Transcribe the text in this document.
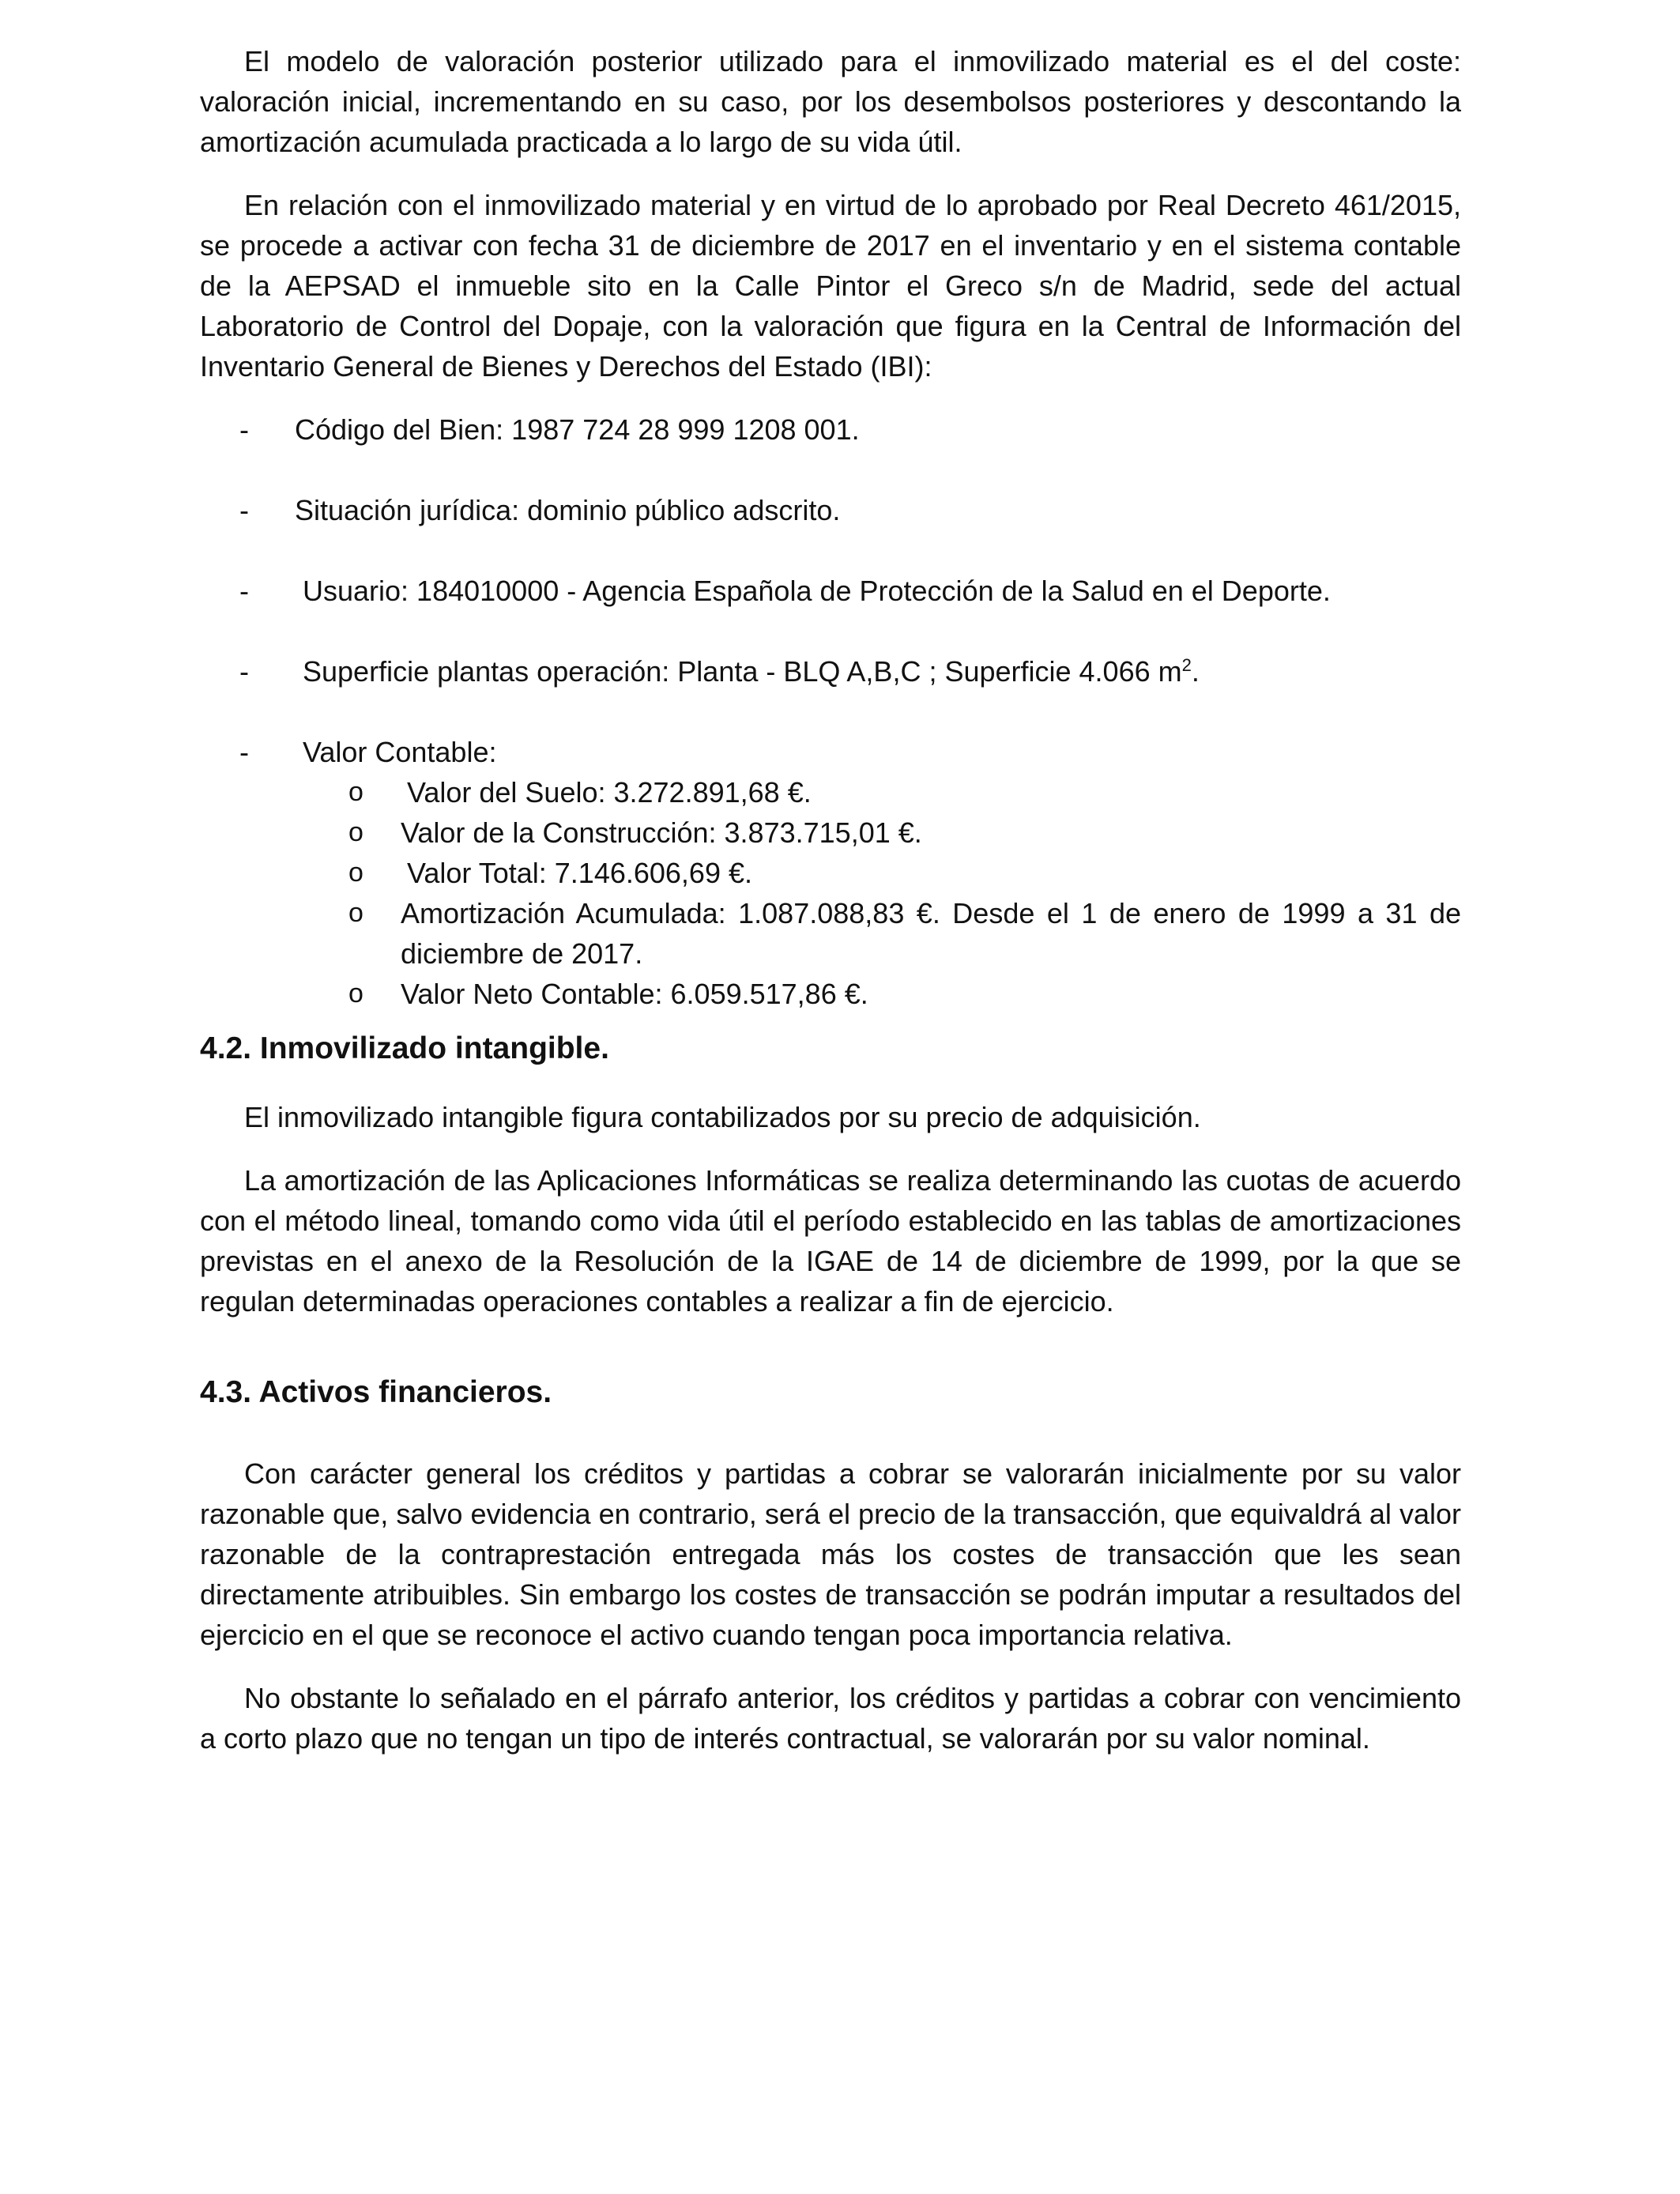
El modelo de valoración posterior utilizado para el inmovilizado material es el del coste: valoración inicial, incrementando en su caso, por los desembolsos posteriores y descontando la amortización acumulada practicada a lo largo de su vida útil.

En relación con el inmovilizado material y en virtud de lo aprobado por Real Decreto 461/2015, se procede a activar con fecha 31 de diciembre de 2017 en el inventario y en el sistema contable de la AEPSAD el inmueble sito en la Calle Pintor el Greco s/n de Madrid, sede del actual Laboratorio de Control del Dopaje, con la valoración que figura en la Central de Información del Inventario General de Bienes y Derechos del Estado (IBI):

- Código del Bien: 1987 724 28 999 1208 001.
- Situación jurídica: dominio público adscrito.
- Usuario: 184010000 - Agencia Española de Protección de la Salud en el Deporte.
- Superficie plantas operación: Planta - BLQ A,B,C ; Superficie 4.066 $m^2$.
- Valor Contable:
o Valor del Suelo: 3.272.891,68 €.
o Valor de la Construcción: 3.873.715,01 €.
o Valor Total: 7.146.606,69 €.
o Amortización Acumulada: 1.087.088,83 €. Desde el 1 de enero de 1999 a 31 de diciembre de 2017.
o Valor Neto Contable: 6.059.517,86 €.
4.2. Inmovilizado intangible.

El inmovilizado intangible figura contabilizados por su precio de adquisición.

La amortización de las Aplicaciones Informáticas se realiza determinando las cuotas de acuerdo con el método lineal, tomando como vida útil el período establecido en las tablas de amortizaciones previstas en el anexo de la Resolución de la IGAE de 14 de diciembre de 1999, por la que se regulan determinadas operaciones contables a realizar a fin de ejercicio.

4.3. Activos financieros.

Con carácter general los créditos y partidas a cobrar se valorarán inicialmente por su valor razonable que, salvo evidencia en contrario, será el precio de la transacción, que equivaldrá al valor razonable de la contraprestación entregada más los costes de transacción que les sean directamente atribuibles. Sin embargo los costes de transacción se podrán imputar a resultados del ejercicio en el que se reconoce el activo cuando tengan poca importancia relativa.

No obstante lo señalado en el párrafo anterior, los créditos y partidas a cobrar con vencimiento a corto plazo que no tengan un tipo de interés contractual, se valorarán por su valor nominal.
